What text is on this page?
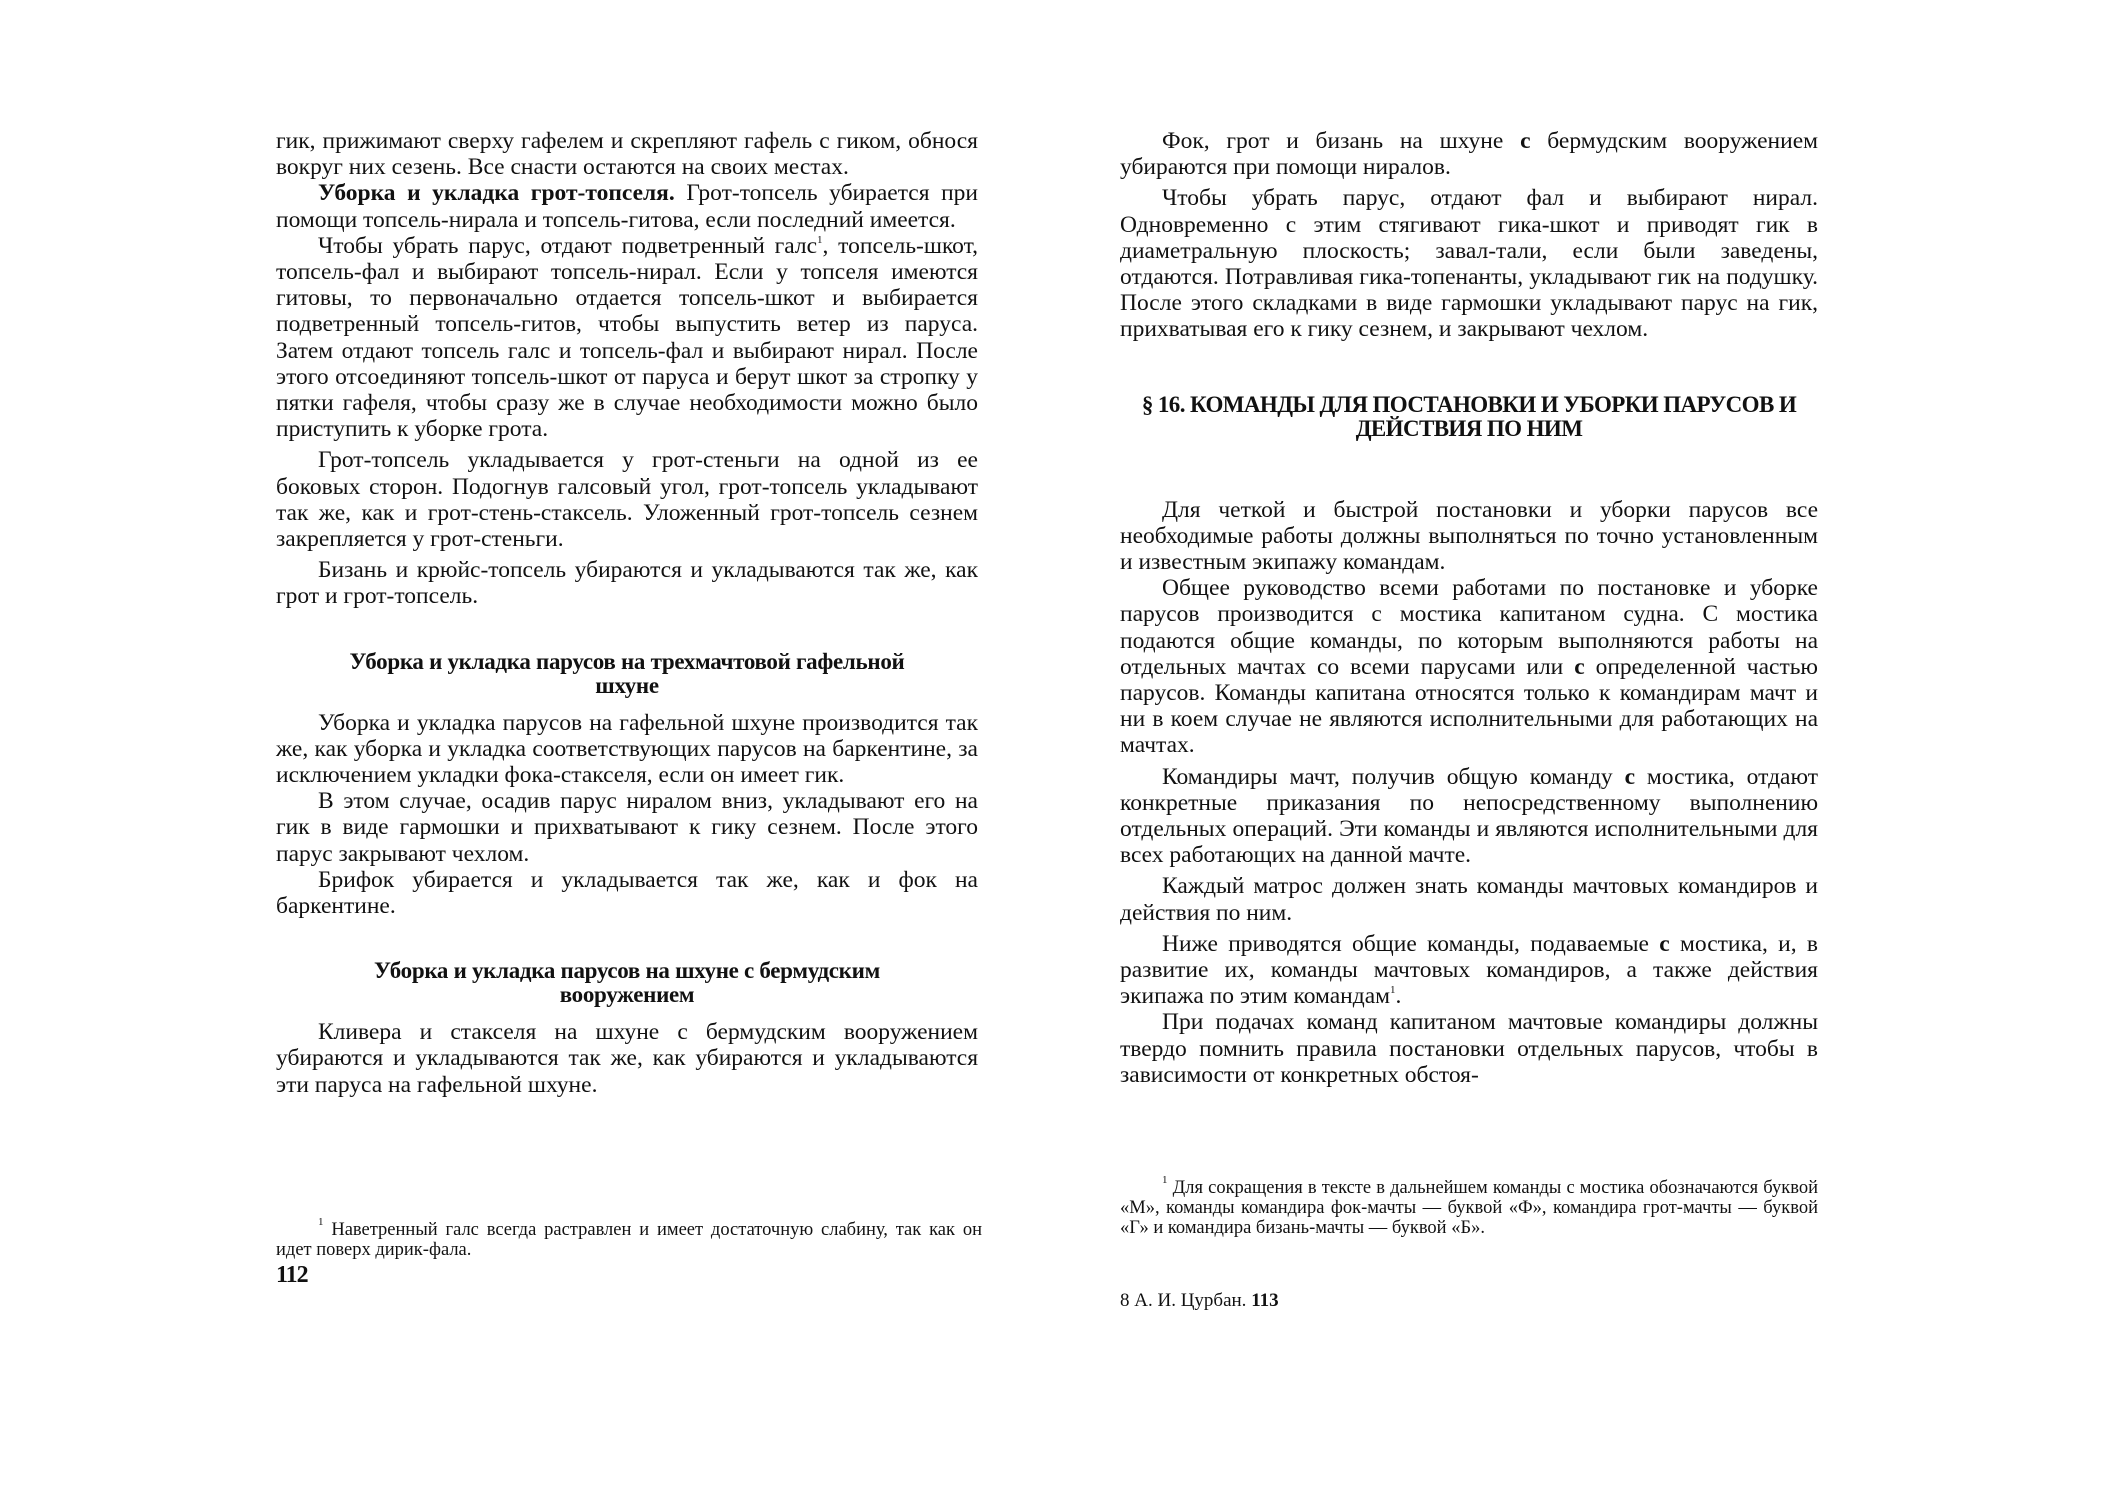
гик, прижимают сверху гафелем и скрепляют гафель с гиком, обнося вокруг них сезень. Все снасти остаются на своих местах.

Уборка и укладка грот-топселя. Грот-топсель убирается при помощи топсель-нирала и топсель-гитова, если последний имеется.

Чтобы убрать парус, отдают подветренный галс$^1$, топсель-шкот, топсель-фал и выбирают топсель-нирал. Если у топселя имеются гитовы, то первоначально отдается топсель-шкот и выбирается подветренный топсель-гитов, чтобы выпустить ветер из паруса. Затем отдают топсель галс и топсель-фал и выбирают нирал. После этого отсоединяют топсель-шкот от паруса и берут шкот за стропку у пятки гафеля, чтобы сразу же в случае необходимости можно было приступить к уборке грота.

Грот-топсель укладывается у грот-стеньги на одной из ее боковых сторон. Подогнув галсовый угол, грот-топсель укладывают так же, как и грот-стень-стаксель. Уложенный грот-топсель сезнем закрепляется у грот-стеньги.

Бизань и крюйс-топсель убираются и укладываются так же, как грот и грот-топсель.

Уборка и укладка парусов на трехмачтовой гафельной шхуне

Уборка и укладка парусов на гафельной шхуне производится так же, как уборка и укладка соответствующих парусов на баркентине, за исключением укладки фока-стакселя, если он имеет гик.

В этом случае, осадив парус ниралом вниз, укладывают его на гик в виде гармошки и прихватывают к гику сезнем. После этого парус закрывают чехлом.

Брифок убирается и укладывается так же, как и фок на баркентине.

Уборка и укладка парусов на шхуне с бермудским вооружением

Кливера и стакселя на шхуне с бермудским вооружением убираются и укладываются так же, как убираются и укладываются эти паруса на гафельной шхуне.

$^1$ Наветренный галс всегда растравлен и имеет достаточную слабину, так как он идет поверх дирик-фала.

112

Фок, грот и бизань на шхуне с бермудским вооружением убираются при помощи ниралов.

Чтобы убрать парус, отдают фал и выбирают нирал. Одновременно с этим стягивают гика-шкот и приводят гик в диаметральную плоскость; завал-тали, если были заведены, отдаются. Потравливая гика-топенанты, укладывают гик на подушку. После этого складками в виде гармошки укладывают парус на гик, прихватывая его к гику сезнем, и закрывают чехлом.

§ 16. КОМАНДЫ ДЛЯ ПОСТАНОВКИ И УБОРКИ ПАРУСОВ И ДЕЙСТВИЯ ПО НИМ

Для четкой и быстрой постановки и уборки парусов все необходимые работы должны выполняться по точно установленным и известным экипажу командам.

Общее руководство всеми работами по постановке и уборке парусов производится с мостика капитаном судна. С мостика подаются общие команды, по которым выполняются работы на отдельных мачтах со всеми парусами или с определенной частью парусов. Команды капитана относятся только к командирам мачт и ни в коем случае не являются исполнительными для работающих на мачтах.

Командиры мачт, получив общую команду с мостика, отдают конкретные приказания по непосредственному выполнению отдельных операций. Эти команды и являются исполнительными для всех работающих на данной мачте.

Каждый матрос должен знать команды мачтовых командиров и действия по ним.

Ниже приводятся общие команды, подаваемые с мостика, и, в развитие их, команды мачтовых командиров, а также действия экипажа по этим командам$^1$.

При подачах команд капитаном мачтовые командиры должны твердо помнить правила постановки отдельных парусов, чтобы в зависимости от конкретных обстоя-

$^1$ Для сокращения в тексте в дальнейшем команды с мостика обозначаются буквой «М», команды командира фок-мачты — буквой «Ф», командира грот-мачты — буквой «Г» и командира бизань-мачты — буквой «Б».

8 А. И. Цурбан. 113
